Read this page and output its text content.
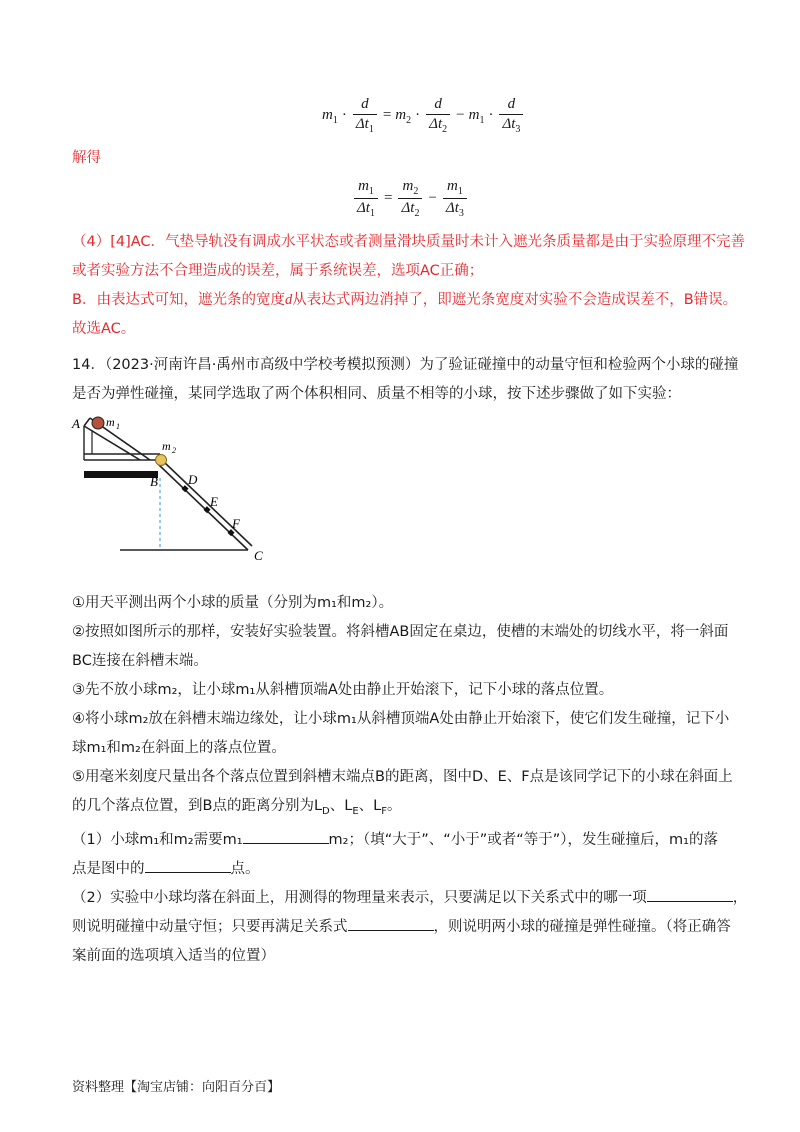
$m_1 \cdot \frac{d}{\Delta t_1} = m_2 \cdot \frac{d}{\Delta t_2} - m_1 \cdot \frac{d}{\Delta t_3}$
解得
$\frac{m_1}{\Delta t_1} = \frac{m_2}{\Delta t_2} - \frac{m_1}{\Delta t_3}$
（4）[4]AC．气垫导轨没有调成水平状态或者测量滑块质量时未计入遮光条质量都是由于实验原理不完善
或者实验方法不合理造成的误差，属于系统误差，选项AC正确；
B．由表达式可知，遮光条的宽度d从表达式两边消掉了，即遮光条宽度对实验不会造成误差不，B错误。
故选AC。
14．（2023·河南许昌·禹州市高级中学校考模拟预测）为了验证碰撞中的动量守恒和检验两个小球的碰撞
是否为弹性碰撞，某同学选取了两个体积相同、质量不相等的小球，按下述步骤做了如下实验：
A m 1
m 2
B D
E
F
C
①用天平测出两个小球的质量（分别为m₁和m₂）。
②按照如图所示的那样，安装好实验装置。将斜槽AB固定在桌边，使槽的末端处的切线水平，将一斜面
BC连接在斜槽末端。
③先不放小球m₂，让小球m₁从斜槽顶端A处由静止开始滚下，记下小球的落点位置。
④将小球m₂放在斜槽末端边缘处，让小球m₁从斜槽顶端A处由静止开始滚下，使它们发生碰撞，记下小
球m₁和m₂在斜面上的落点位置。
⑤用毫米刻度尺量出各个落点位置到斜槽末端点B的距离，图中D、E、F点是该同学记下的小球在斜面上
的几个落点位置，到B点的距离分别为$L_D$、$L_E$、$L_F$。
（1）小球m₁和m₂需要m₁	m₂；（填“大于”、“小于”或者“等于”），发生碰撞后，m₁的落
点是图中的	点。
（2）实验中小球均落在斜面上，用测得的物理量来表示，只要满足以下关系式中的哪一项	，
则说明碰撞中动量守恒；只要再满足关系式	，则说明两小球的碰撞是弹性碰撞。（将正确答
案前面的选项填入适当的位置）
资料整理【淘宝店铺：向阳百分百】
